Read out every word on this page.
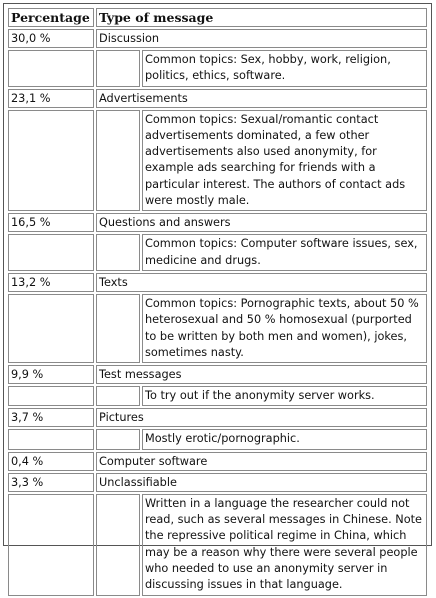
Percentage	Type of message	
30,0 %	Discussion	
		Common topics: Sex, hobby, work, religion, politics, ethics, software.
23,1 %	Advertisements	
		Common topics: Sexual/romantic contact advertisements dominated, a few other advertisements also used anonymity, for example ads searching for friends with a particular interest. The authors of contact ads were mostly male.
16,5 %	Questions and answers	
		Common topics: Computer software issues, sex, medicine and drugs.
13,2 %	Texts	
		Common topics: Pornographic texts, about 50 % heterosexual and 50 % homosexual (purported to be written by both men and women), jokes, sometimes nasty.
9,9 %	Test messages	
		To try out if the anonymity server works.
3,7 %	Pictures	
		Mostly erotic/pornographic.
0,4 %	Computer software	
3,3 %	Unclassifiable	
		Written in a language the researcher could not read, such as several messages in Chinese. Note the repressive political regime in China, which may be a reason why there were several people who needed to use an anonymity server in discussing issues in that language.
